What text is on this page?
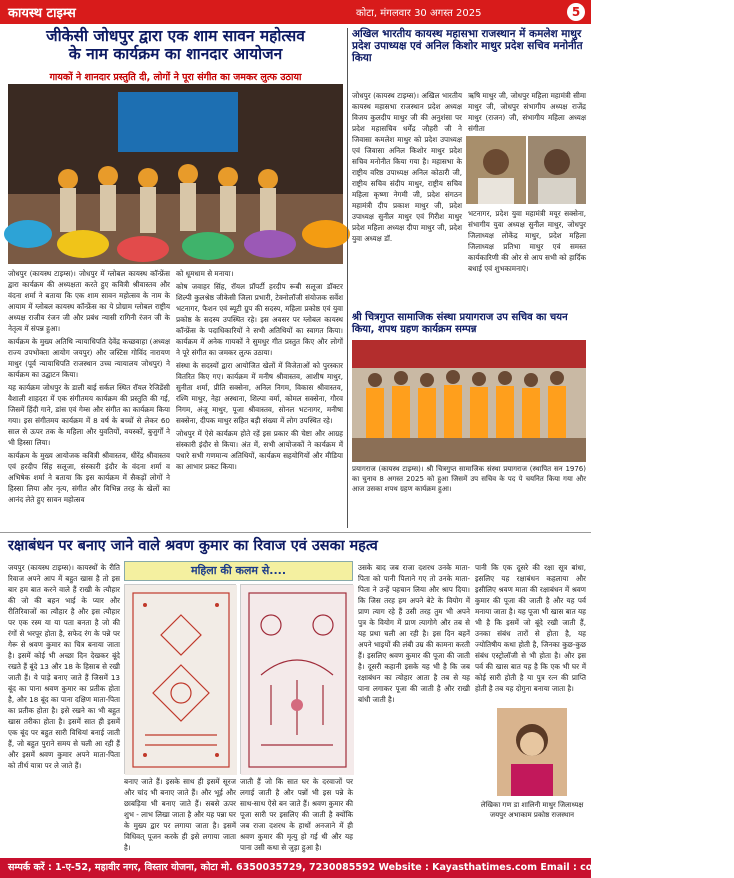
कायस्थ टाइम्स	कोटा, मंगलवार 30 अगस्त 2025	5
जीकेसी जोधपुर द्वारा एक शाम सावन महोत्सव
के नाम कार्यक्रम का शानदार आयोजन
गायकों ने शानदार प्रस्तुति दी, लोगों ने पूरा संगीत का जमकर लुत्फ उठाया

जोधपुर (कायस्थ टाइम्स)। जोधपुर में ग्लोबल कायस्थ कॉन्फ्रेंस द्वारा कार्यक्रम की अध्यक्षता करते हुए कवित्री श्रीवास्तव और वंदना शर्मा ने बताया कि एक शाम सावन महोत्सव के नाम के आयाम में ग्लोबल कायस्थ कॉन्फ्रेंस का ये प्रोग्राम ग्लोबल राष्ट्रीय अध्यक्ष राजीव रंजन जी और प्रबंध न्यासी रागिनी रंजन जी के नेतृत्व में संपन्न हुआ।

कार्यक्रम के मुख्य अतिथि न्यायाधिपति देवेंद्र कच्छवाहा (अध्यक्ष राज्य उपभोक्ता आयोग जयपुर) और जस्टिस गोविंद नारायण माथुर (पूर्व न्यायाधिपति राजस्थान उच्च न्यायालय जोधपुर) ने कार्यक्रम का उद्घाटन किया।

यह कार्यक्रम जोधपुर के डाली बाई सर्कल स्थित रॉयल रेजिडेंसी वैशाली शाहदरा में एक संगीतमय कार्यक्रम की प्रस्तुति की गई, जिसमें हिंदी गाने, डांस एवं गेम्स और संगीत का कार्यक्रम किया गया। इस संगीतमय कार्यक्रम में 8 वर्ष के बच्चों से लेकर 60 साल से ऊपर तक के महिला और युवतियों, वयस्कों, बुजुर्गों ने भी हिस्सा लिया।

कार्यक्रम के मुख्य आयोजक कवित्री श्रीवास्तव, धीरेंद्र श्रीवास्तव एवं हरदीप सिंह सलूजा, संस्कारी इंदौर के वंदना शर्मा व अभिषेक शर्मा ने बताया कि इस कार्यक्रम में सैकड़ों लोगों ने हिस्सा लिया और नृत्य, संगीत और विभिन्न तरह के खेलों का आनंद लेते हुए सावन महोत्सव

को धूमधाम से मनाया।

कोष जवाहर सिंह, रॉयल प्रॉपर्टी हरदीप रूबी सलूजा डॉक्टर शिल्पी कुलश्रेष्ठ जीकेसी जिला प्रभारी, टेक्नोलॉजी संयोजक सर्वेश भटनागर, फैशन एवं ब्यूटी ग्रुप की सदस्य, महिला प्रकोष्ठ एवं युवा प्रकोष्ठ के सदस्य उपस्थित रहे। इस अवसर पर ग्लोबल कायस्थ कॉन्फ्रेंस के पदाधिकारियों ने सभी अतिथियों का स्वागत किया। कार्यक्रम में अनेक गायकों ने सुमधुर गीत प्रस्तुत किए और लोगों ने पूरे संगीत का जमकर लुत्फ उठाया।

संस्था के सदस्यों द्वारा आयोजित खेलों में विजेताओं को पुरस्कार वितरित किए गए। कार्यक्रम में मनीष श्रीवास्तव, आशीष माथुर, सुनीता शर्मा, प्रीति सक्सेना, अनिल निगम, विकास श्रीवास्तव, रश्मि माथुर, नेहा अस्थाना, शिल्पा वर्मा, कोमल सक्सेना, गौरव निगम, अंजू माथुर, पूजा श्रीवास्तव, सोनल भटनागर, मनीषा सक्सेना, दीपक माथुर सहित बड़ी संख्या में लोग उपस्थित रहे।

जोधपुर में ऐसे कार्यक्रम होते रहें इस प्रकार की चेष्टा और आग्रह संस्कारी इंदौर से किया। अंत में, सभी आयोजकों ने कार्यक्रम में पधारे सभी गणमान्य अतिथियों, कार्यक्रम सहयोगियों और मीडिया का आभार प्रकट किया।

अखिल भारतीय कायस्थ महासभा राजस्थान में कमलेश माथुर प्रदेश उपाध्यक्ष एवं अनिल किशोर माथुर प्रदेश सचिव मनोनीत किया
जोधपुर (कायस्थ टाइम्स)। अखिल भारतीय कायस्थ महासभा राजस्थान प्रदेश अध्यक्ष विजय कुलदीप माथुर जी की अनुशंसा पर प्रदेश महासचिव धर्मेंद्र जौहरी जी ने जिवासा कमलेश माथुर को प्रदेश उपाध्यक्ष एवं जिवासा अनिल किशोर माथुर प्रदेश सचिव मनोनीत किया गया है। महासभा के राष्ट्रीय वरिष्ठ उपाध्यक्ष अनिल कोठारी जी, राष्ट्रीय सचिव संदीप माथुर, राष्ट्रीय सचिव महिला कृष्णा नेगमी जी, प्रदेश संगठन महामंत्री दीप प्रकाश माथुर जी, प्रदेश उपाध्यक्ष सुनील माथुर एवं गिरीश माथुर प्रदेश महिला अध्यक्ष दीपा माथुर जी, प्रदेश युवा अध्यक्ष डॉ.
ऋषि माथुर जी, जोधपुर महिला महामंत्री सीमा माथुर जी, जोधपुर संभागीय अध्यक्ष राजेंद्र माथुर (राजन) जी, संभागीय महिला अध्यक्ष संगीता
भटनागर, प्रदेश युवा महामंत्री मयूर सक्सेना, संभागीय युवा अध्यक्ष सुनील माथुर, जोधपुर जिलाध्यक्ष लोकेंद्र माथुर, प्रदेश महिला जिलाध्यक्ष प्रतिभा माथुर एवं समस्त कार्यकारिणी की ओर से आप सभी को हार्दिक बधाई एवं शुभकामनाएं।
श्री चित्रगुप्त सामाजिक संस्था प्रयागराज उप सचिव का चयन किया, शपथ ग्रहण कार्यक्रम सम्पन्न
प्रयागराज (कायस्थ टाइम्स)। श्री चित्रगुप्त सामाजिक संस्था प्रयागराज (स्थापित सन 1976) का चुनाव 8 अगस्त 2025 को हुआ जिसमें उप सचिव के पद पे चयनित किया गया और आज उसका शपथ ग्रहण कार्यक्रम हुआ।
रक्षाबंधन पर बनाए जाने वाले श्रवण कुमार का रिवाज एवं उसका महत्व
जयपुर (कायस्थ टाइम्स)। कायस्थों के रीति रिवाज अपने आप में बहुत खास है तो इस बार हम बात करने वाले हैं राखी के त्यौहार की जो की बहन भाई के प्यार और रीतिरिवाजों का त्यौहार है और इस त्यौहार पर एक रस्म या या पता बनता है जो की रंगों से भरपूर होता है, सफेद रंग के पन्ने पर गेरू से श्रवण कुमार का चित्र बनाया जाता है। इसमें कोई भी अच्छा दिन देखकर बूंदे रखते हैं बूंदे 13 और 18 के हिसाब से रखी जाती हैं। ये पाड़े बनाए जाते हैं जिसमें 13 बूंद का पाना श्रवण कुमार का प्रतीक होता है, और 18 बूंद का पाना दक्षिण माता-पिता का प्रतीक होता है। इसे रखने का भी बहुत खास तरीका होता है। इसमें सात ही इसमें एक बूंद पर बहुत सारी विधियां बनाई जाती हैं, जो बहुत पुराने समय से चली आ रही हैं और इसमें श्रवण कुमार अपने माता-पिता को तीर्थ यात्रा पर ले जाते हैं।
महिला की कलम से....
बनाए जाते हैं। इसके साथ ही इसमें सूरज और चांद भी बनाए जाते हैं। और भूई और छाबड़िया भी बनाए जाते हैं। सबसे ऊपर शुभ - लाभ लिखा जाता है और यह पन्ना घर के मुख्य द्वार पर लगाया जाता है। इसमें विधिवत् पूजन करके ही इसे लगाया जाता है।
जाती हैं जो कि सात घर के दरवाजों पर लगाई जाती है और पन्नों भी इस पन्ने के साथ-साथ ऐसे बन जाते हैं। श्रवण कुमार की पूजा सारी पर इसलिए की जाती है क्योंकि जब राजा दशरथ के हाथों अनजाने में ही श्रवण कुमार की मृत्यु हो गई थी और यह पाना उसी कथा से जुड़ा हुआ है।
उसके बाद जब राजा दशरथ उनके माता-पिता को पानी पिलाने गए तो उनके माता-पिता ने उन्हें पहचान लिया और श्राप दिया। कि जिस तरह हम अपने बेटे के वियोग में प्राण त्याग रहे हैं उसी तरह तुम भी अपने पुत्र के वियोग में प्राण त्यागोगे और तब से यह प्रथा चली आ रही है। इस दिन बहनें अपने भाइयों की लंबी उम्र की कामना करती हैं। इसलिए श्रवण कुमार की पूजा की जाती है। दूसरी कहानी इसके यह भी है कि जब रक्षाबंधन का त्योहार आता है तब से यह पाना लगाकर पूजा की जाती है और राखी बांधी जाती है।
पानी कि एक दूसरे की रक्षा सूत्र बांधा, इसलिए यह रक्षाबंधन कहलाया और इसीलिए श्रवण माता की रक्षाबंधन में श्रवण कुमार की पूजा की जाती है और यह पर्व मनाया जाता है। यह पूजा भी खास बात यह भी है कि इसमें जो बूंदे रखी जाती हैं, उनका संबंध तारों से होता है, यह ज्योतिषीय कथा होती है, जिनका कुछ-कुछ संबंध एस्ट्रोलॉजी से भी होता है। और इस पर्व की खास बात यह है कि एक भी घर में कोई सारी होती है या पुत्र रत्न की प्राप्ति होती है तब यह दोगुना बनाया जाता है।
लेखिका गण डा शालिनी माथुर जिलाध्यक्ष जयपुर अभाकाम प्रकोष्ठ राजस्थान
सम्पर्क करें : 1-ए-52, महावीर नगर, विस्तार योजना, कोटा मो. 6350035729, 7230085592 Website : Kayasthatimes.com Email : contact@kayasthatimes.com
